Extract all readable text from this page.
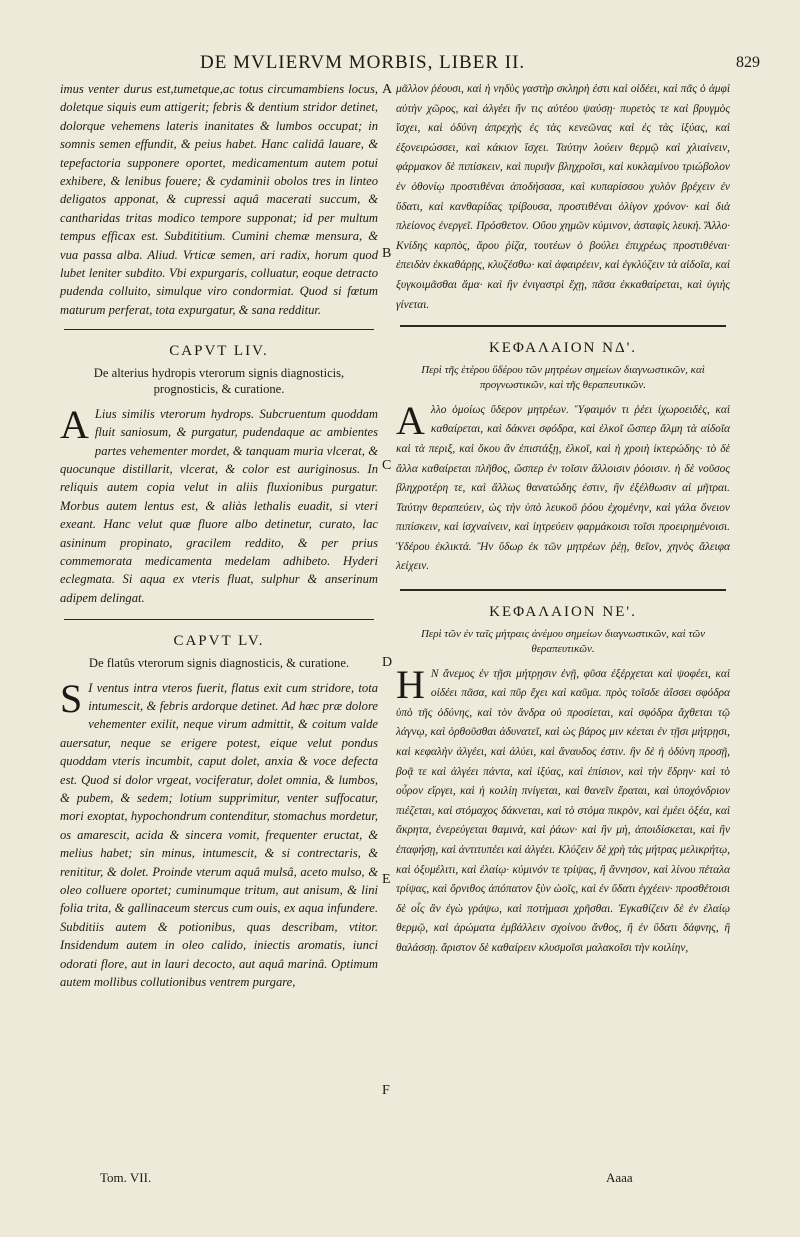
DE MVLIERVM MORBIS, LIBER II.	829

imus venter durus est,tumetque,ac totus circumambiens locus, doletque siquis eum attigerit; febris & dentium stridor detinet, dolorque vehemens lateris inanitates & lumbos occupat; in somnis semen effundit, & peius habet. Hanc calidâ lauare, & tepefactoria supponere oportet, medicamentum autem potui exhibere, & lenibus fouere; & cydaminii obolos tres in linteo deligatos apponat, & cupressi aquâ macerati succum, & cantharidas tritas modico tempore supponat; id per multum tempus efficax est. Subdititium. Cumini chemæ mensura, & vua passa alba. Aliud. Vrticæ semen, ari radix, horum quod lubet leniter subdito. Vbi expurgaris, colluatur, eoque detracto pudenda colluito, simulque viro condormiat. Quod si fœtum maturum perferat, tota expurgatur, & sana redditur.

CAPVT LIV.
De alterius hydropis vterorum signis diagnosticis, prognosticis, & curatione.

A Lius similis vterorum hydrops. Subcruentum quoddam fluit saniosum, & purgatur, pudendaque ac ambientes partes vehementer mordet, & tanquam muria vlcerat, & quocunque distillarit, vlcerat, & color est auriginosus. In reliquis autem copia velut in aliis fluxionibus purgatur. Morbus autem lentus est, & aliàs lethalis euadit, si vteri exeant. Hanc velut quæ fluore albo detinetur, curato, lac asininum propinato, gracilem reddito, & per prius commemorata medicamenta medelam adhibeto. Hyderi eclegmata. Si aqua ex vteris fluat, sulphur & anserinum adipem delingat.

CAPVT LV.
De flatûs vterorum signis diagnosticis, & curatione.

S I ventus intra vteros fuerit, flatus exit cum stridore, tota intumescit, & febris ardorque detinet. Ad hæc præ dolore vehementer exilit, neque virum admittit, & coitum valde auersatur, neque se erigere potest, eique velut pondus quoddam vteris incumbit, caput dolet, anxia & voce defecta est. Quod si dolor vrgeat, vociferatur, dolet omnia, & lumbos, & pubem, & sedem; lotium supprimitur, venter suffocatur, mori exoptat, hypochondrum contenditur, stomachus mordetur, os amarescit, acida & sincera vomit, frequenter eructat, & melius habet; sin minus, intumescit, & si contrectaris, & renititur, & dolet. Proinde vterum aquâ mulsâ, aceto mulso, & oleo colluere oportet; cuminumque tritum, aut anisum, & lini folia trita, & gallinaceum stercus cum ouis, ex aqua infundere. Subditiis autem & potionibus, quas describam, vtitor. Insidendum autem in oleo calido, iniectis aromatis, iunci odorati flore, aut in lauri decocto, aut aquâ marinâ. Optimum autem mollibus collutionibus ventrem purgare,

μᾶλλον ῥέουσι, καὶ ἡ νηδὺς γαστὴρ σκληρὴ ἐστι καὶ οἰδέει, καὶ πᾶς ὁ ἀμφὶ αὐτὴν χῶρος, καὶ ἀλγέει ἤν τις αὐτέου ψαύσῃ· πυρετὸς τε καὶ βρυγμὸς ἴσχει, καὶ ὀδύνη ἀπρεχὴς ἐς τὰς κενεῶνας καὶ ἐς τὰς ἰξύας, καὶ ἐξονειρώσσει, καὶ κάκιον ἴσχει. Ταύτην λούειν θερμῷ καὶ χλιαίνειν, φάρμακον δὲ πιπίσκειν, καὶ πυριῆν βληχροῖσι, καὶ κυκλαμίνου τριώβολον ἐν ὀθονίῳ προστιθέναι ἀποδήσασα, καὶ κυπαρίσσου χυλὸν βρέχειν ἐν ὕδατι, καὶ κανθαρίδας τρίβουσα, προστιθέναι ὀλίγον χρόνον· καὶ διὰ πλείονος ἐνεργεῖ. Πρόσθετον. Οὔου χημῶν κύμινον, ἀσταφὶς λευκή. Ἄλλο· Κνίδης καρπὸς, ἄρου ῥίζα, τουτέων ὁ βούλει ἐπιχρέως προστιθέναι· ἐπειδὰν ἐκκαθάρῃς, κλυζέσθω· καὶ ἀφαιρέειν, καὶ ἐγκλύζειν τὰ αἰδοῖα, καὶ ξυγκοιμᾶσθαι ἅμα· καὶ ἢν ἐνιγαστρὶ ἔχῃ, πᾶσα ἐκκαθαίρεται, καὶ ὑγιὴς γίνεται.

ΚΕΦΑΛΑΙΟΝ ΝΔ'.
Περὶ τῆς ἑτέρου ὕδέρου τῶν μητρέων σημείων διαγνωστικῶν, καὶ προγνωστικῶν, καὶ τῆς θεραπευτικῶν.

Αλλο ὁμοίως ὕδερον μητρέων. Ὕφαιμόν τι ῥέει ἰχωροειδὲς, καὶ καθαίρεται, καὶ δάκνει σφόδρα, καὶ ἑλκοῖ ὥσπερ ἅλμη τὰ αἰδοῖα καὶ τὰ περιξ, καὶ ὅκου ἂν ἐπιστάξῃ, ἑλκοῖ, καὶ ἡ χροιὴ ἰκτερώδης· τὸ δὲ ἄλλα καθαίρεται πλῆθος, ὥσπερ ἐν τοῖσιν ἄλλοισιν ῥόοισιν. ἡ δὲ νοῦσος βληχροτέρη τε, καὶ ἄλλως θανατώδης ἐστιν, ἢν ἐξέλθωσιν αἱ μῆτραι. Ταύτην θεραπεύειν, ὡς τὴν ὑπὸ λευκοῦ ῥόου ἐχομένην, καὶ γάλα ὄνειον πιπίσκειν, καὶ ἰσχναίνειν, καὶ ἰητρεύειν φαρμάκοισι τοῖσι προειρημένοισι. Ὑδέρου ἐκλικτά. Ἢν ὕδωρ ἐκ τῶν μητρέων ῥέῃ, θεῖον, χηνὸς ἄλειφα λείχειν.

ΚΕΦΑΛΑΙΟΝ ΝΕ'.
Περὶ τῶν ἐν ταῖς μήτραις ἀνέμου σημείων διαγνωστικῶν, καὶ τῶν θεραπευτικῶν.

Η Ν ἄνεμος ἐν τῇσι μήτρῃσιν ἐνῇ, φῦσα ἐξέρχεται καὶ ψοφέει, καὶ οἰδέει πᾶσα, καὶ πῦρ ἔχει καὶ καῦμα. πρὸς τοῖσδε ἀΐσσει σφόδρα ὑπὸ τῆς ὀδύνης, καὶ τὸν ἄνδρα οὐ προσίεται, καὶ σφόδρα ἄχθεται τῷ λάγνῳ, καὶ ὀρθοῦσθαι ἀδυνατεῖ, καὶ ὡς βάρος μιν κέεται ἐν τῇσι μήτρῃσι, καὶ κεφαλὴν ἀλγέει, καὶ ἀλύει, καὶ ἄναυδος ἐστιν. ἢν δὲ ἡ ὀδύνη προσῇ, βοᾷ τε καὶ ἀλγέει πάντα, καὶ ἰξύας, καὶ ἐπίσιον, καὶ τὴν ἕδρην· καὶ τὸ οὖρον εἴργει, καὶ ἡ κοιλίη πνίγεται, καὶ θανεῖν ἔραται, καὶ ὑποχόνδριον πιέζεται, καὶ στόμαχος δάκνεται, καὶ τὸ στόμα πικρὸν, καὶ ἐμέει ὀξέα, καὶ ἄκρητα, ἐνερεύγεται θαμινὰ, καὶ ῥάων· καὶ ἢν μὴ, ἀποιδίσκεται, καὶ ἢν ἐπαφήσῃ, καὶ ἀντιτυπέει καὶ ἀλγέει. Κλύζειν δὲ χρὴ τὰς μήτρας μελικρήτῳ, καὶ ὀξυμέλιτι, καὶ ἐλαίῳ· κύμινόν τε τρίψας, ἢ ἄννησον, καὶ λίνου πέταλα τρίψας, καὶ ὄρνιθος ἀπόπατον ξὺν ὠοῖς, καὶ ἐν ὕδατι ἐγχέειν· προσθέτοισι δὲ οἷς ἂν ἐγὼ γράψω, καὶ ποτήμασι χρῆσθαι. Ἐγκαθίζειν δὲ ἐν ἐλαίῳ θερμῷ, καὶ ἀρώματα ἐμβάλλειν σχοίνου ἄνθος, ἢ ἐν ὕδατι δάφνης, ἢ θαλάσσῃ. ἄριστον δὲ καθαίρειν κλυσμοῖσι μαλακοῖσι τὴν κοιλίην,

A
B
C
D
E
F
Tom. VII.	Aaaa
